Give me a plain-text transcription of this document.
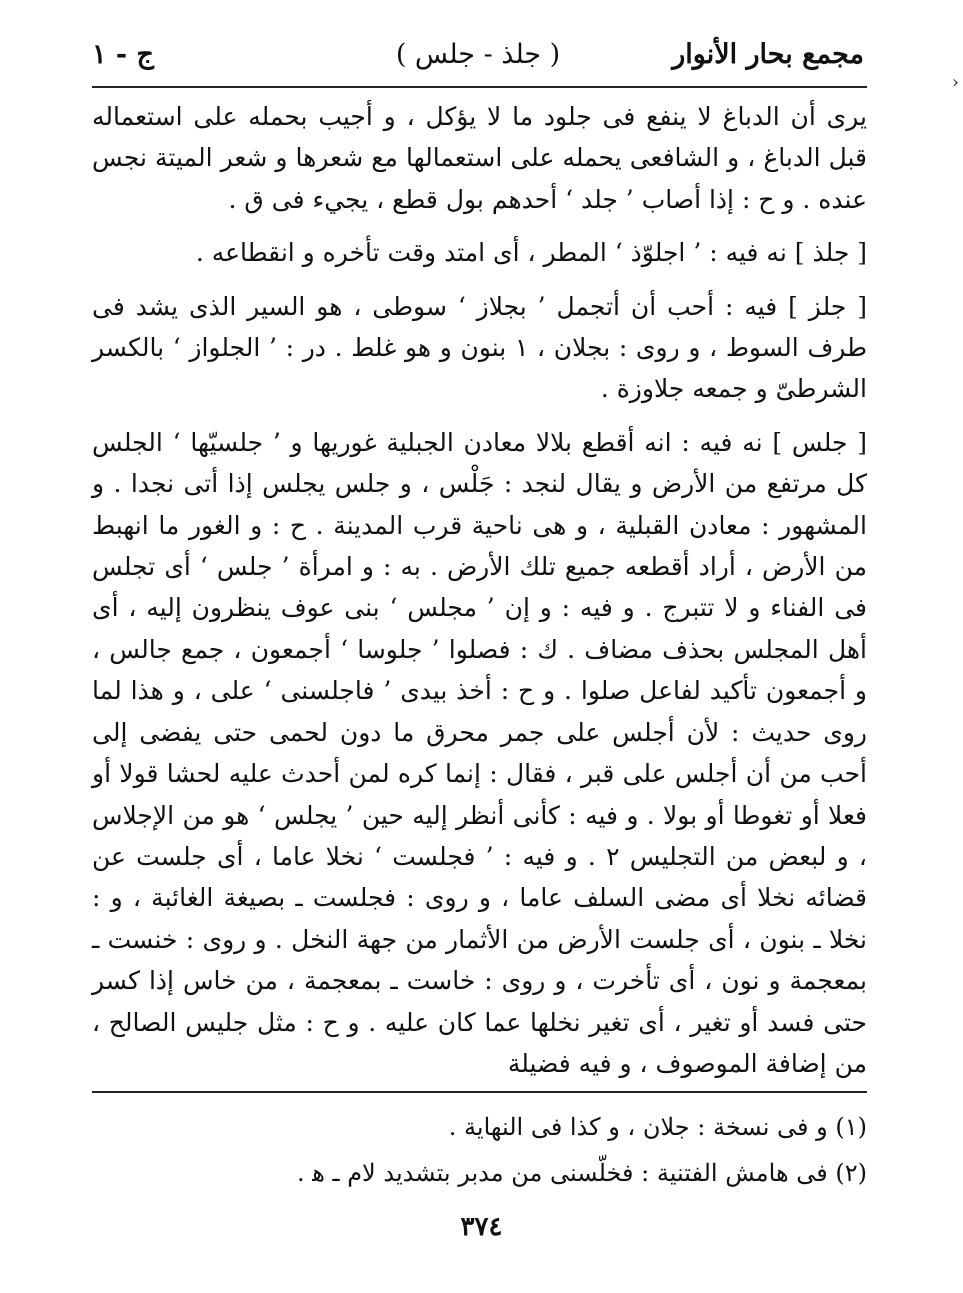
مجمع بحار الأنوار
( جلذ - جلس )
ج - ١
›

يرى أن الدباغ لا ينفع فى جلود ما لا يؤكل ، و أجيب بحمله على استعماله قبل الدباغ ، و الشافعى يحمله على استعمالها مع شعرها و شعر الميتة نجس عنده . و ح : إذا أصاب ’ جلد ‘ أحدهم بول قطع ، يجيء فى ق .

[ جلذ ] نه فيه : ’ اجلوّذ ‘ المطر ، أى امتد وقت تأخره و انقطاعه .

[ جلز ] فيه : أحب أن أتجمل ’ بجلاز ‘ سوطى ، هو السير الذى يشد فى طرف السوط ، و روى : بجلان ، ١ بنون و هو غلط . در : ’ الجلواز ‘ بالكسر الشرطىّ و جمعه جلاوزة .

[ جلس ] نه فيه : انه أقطع بلالا معادن الجبلية غوريها و ’ جلسيّها ‘ الجلس كل مرتفع من الأرض و يقال لنجد : جَلْس ، و جلس يجلس إذا أتى نجدا . و المشهور : معادن القبلية ، و هى ناحية قرب المدينة . ح : و الغور ما انهبط من الأرض ، أراد أقطعه جميع تلك الأرض . به : و امرأة ’ جلس ‘ أى تجلس فى الفناء و لا تتبرج . و فيه : و إن ’ مجلس ‘ بنى عوف ينظرون إليه ، أى أهل المجلس بحذف مضاف . ك : فصلوا ’ جلوسا ‘ أجمعون ، جمع جالس ، و أجمعون تأكيد لفاعل صلوا . و ح : أخذ بيدى ’ فاجلسنى ‘ على ، و هذا لما روى حديث : لأن أجلس على جمر محرق ما دون لحمى حتى يفضى إلى أحب من أن أجلس على قبر ، فقال : إنما كره لمن أحدث عليه لحشا قولا أو فعلا أو تغوطا أو بولا . و فيه : كأنى أنظر إليه حين ’ يجلس ‘ هو من الإجلاس ، و لبعض من التجليس ٢ . و فيه : ’ فجلست ‘ نخلا عاما ، أى جلست عن قضائه نخلا أى مضى السلف عاما ، و روى : فجلست ـ بصيغة الغائبة ، و : نخلا ـ بنون ، أى جلست الأرض من الأثمار من جهة النخل . و روى : خنست ـ بمعجمة و نون ، أى تأخرت ، و روى : خاست ـ بمعجمة ، من خاس إذا كسر حتى فسد أو تغير ، أى تغير نخلها عما كان عليه . و ح : مثل جليس الصالح ، من إضافة الموصوف ، و فيه فضيلة

(١) و فى نسخة : جلان ، و كذا فى النهاية .

(٢) فى هامش الفتنية : فخلّسنى من مدبر بتشديد لام ـ ﻫ .

٣٧٤
